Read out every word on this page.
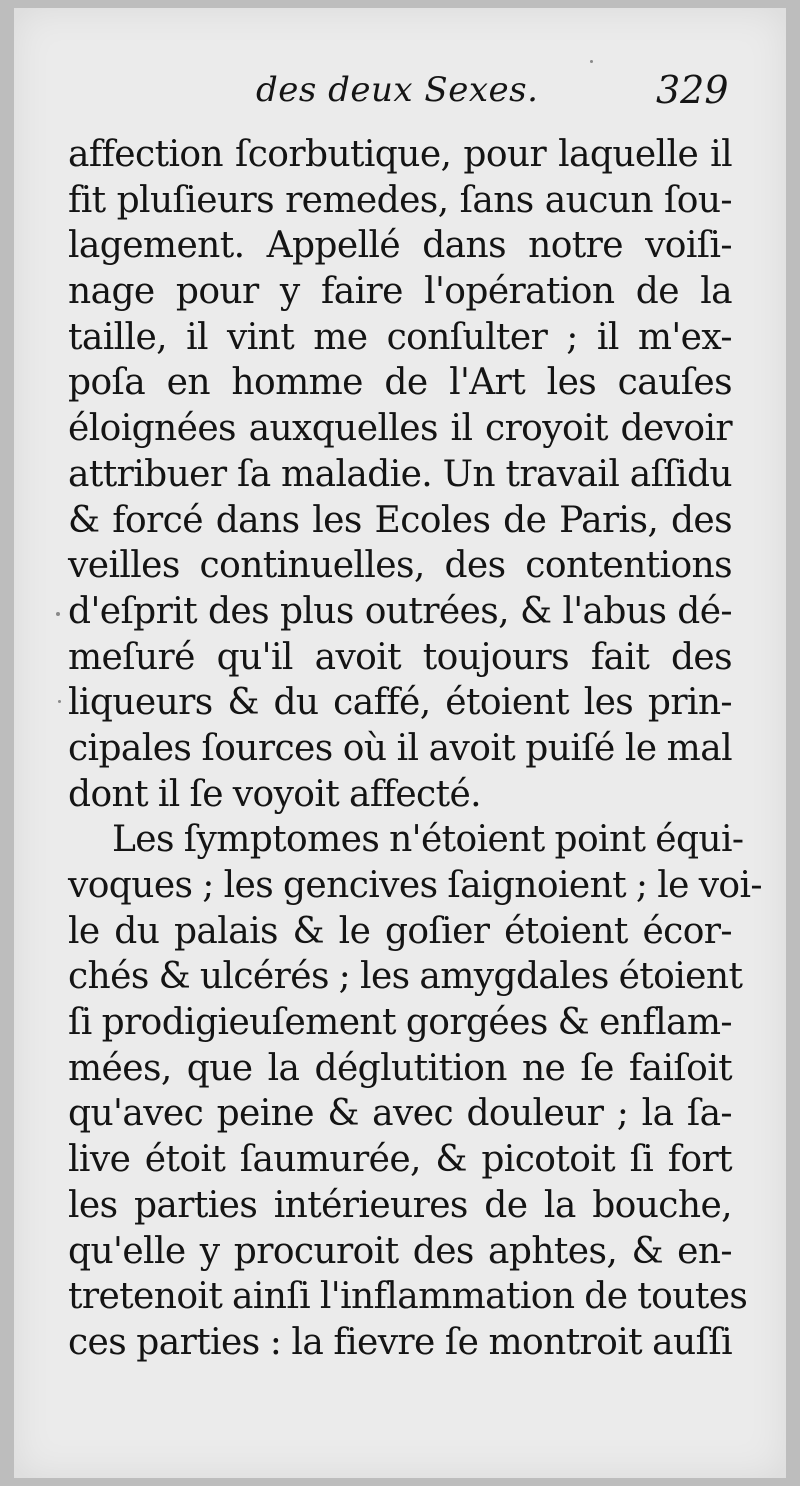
des deux Sexes.	329
affection ſcorbutique, pour laquelle il
fit pluſieurs remedes, ſans aucun ſou-
lagement. Appellé dans notre voiſi-
nage pour y faire l'opération de la
taille, il vint me conſulter ; il m'ex-
poſa en homme de l'Art les cauſes
éloignées auxquelles il croyoit devoir
attribuer ſa maladie. Un travail aſſidu
& forcé dans les Ecoles de Paris, des
veilles continuelles, des contentions
d'eſprit des plus outrées, & l'abus dé-
meſuré qu'il avoit toujours fait des
liqueurs & du caffé, étoient les prin-
cipales ſources où il avoit puiſé le mal
dont il ſe voyoit affecté.
Les ſymptomes n'étoient point équi-
voques ; les gencives ſaignoient ; le voi-
le du palais & le goſier étoient écor-
chés & ulcérés ; les amygdales étoient
ſi prodigieuſement gorgées & enflam-
mées, que la déglutition ne ſe faiſoit
qu'avec peine & avec douleur ; la ſa-
live étoit ſaumurée, & picotoit ſi fort
les parties intérieures de la bouche,
qu'elle y procuroit des aphtes, & en-
tretenoit ainſi l'inflammation de toutes
ces parties : la fievre ſe montroit auſſi
